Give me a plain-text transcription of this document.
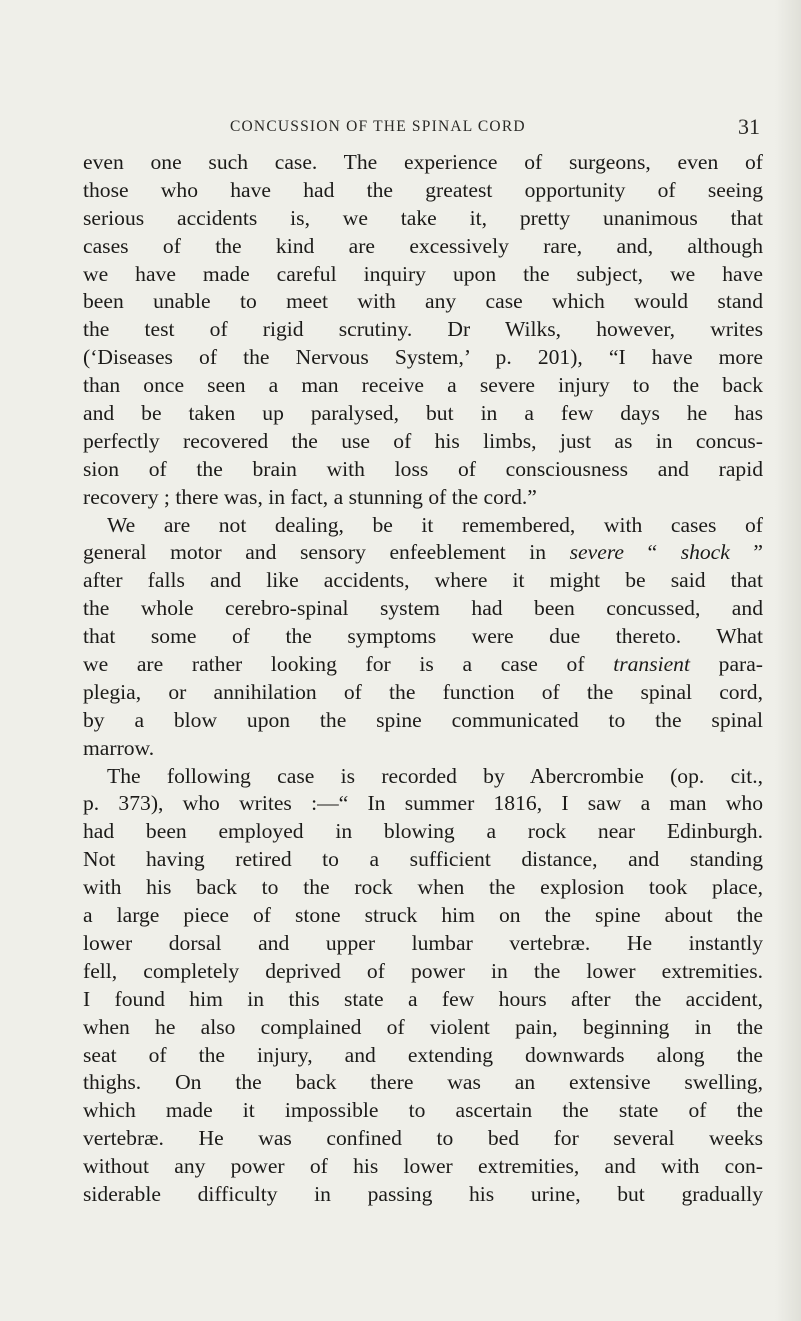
CONCUSSION OF THE SPINAL CORD	31
even one such case. The experience of surgeons, even of
those who have had the greatest opportunity of seeing
serious accidents is, we take it, pretty unanimous that
cases of the kind are excessively rare, and, although
we have made careful inquiry upon the subject, we have
been unable to meet with any case which would stand
the test of rigid scrutiny. Dr Wilks, however, writes
(‘Diseases of the Nervous System,’ p. 201), “I have more
than once seen a man receive a severe injury to the back
and be taken up paralysed, but in a few days he has
perfectly recovered the use of his limbs, just as in concus-
sion of the brain with loss of consciousness and rapid
recovery ; there was, in fact, a stunning of the cord.”
We are not dealing, be it remembered, with cases of
general motor and sensory enfeeblement in severe “ shock ”
after falls and like accidents, where it might be said that
the whole cerebro-spinal system had been concussed, and
that some of the symptoms were due thereto. What
we are rather looking for is a case of transient para-
plegia, or annihilation of the function of the spinal cord,
by a blow upon the spine communicated to the spinal
marrow.
The following case is recorded by Abercrombie (op. cit.,
p. 373), who writes :—“ In summer 1816, I saw a man who
had been employed in blowing a rock near Edinburgh.
Not having retired to a sufficient distance, and standing
with his back to the rock when the explosion took place,
a large piece of stone struck him on the spine about the
lower dorsal and upper lumbar vertebræ. He instantly
fell, completely deprived of power in the lower extremities.
I found him in this state a few hours after the accident,
when he also complained of violent pain, beginning in the
seat of the injury, and extending downwards along the
thighs. On the back there was an extensive swelling,
which made it impossible to ascertain the state of the
vertebræ. He was confined to bed for several weeks
without any power of his lower extremities, and with con-
siderable difficulty in passing his urine, but gradually
